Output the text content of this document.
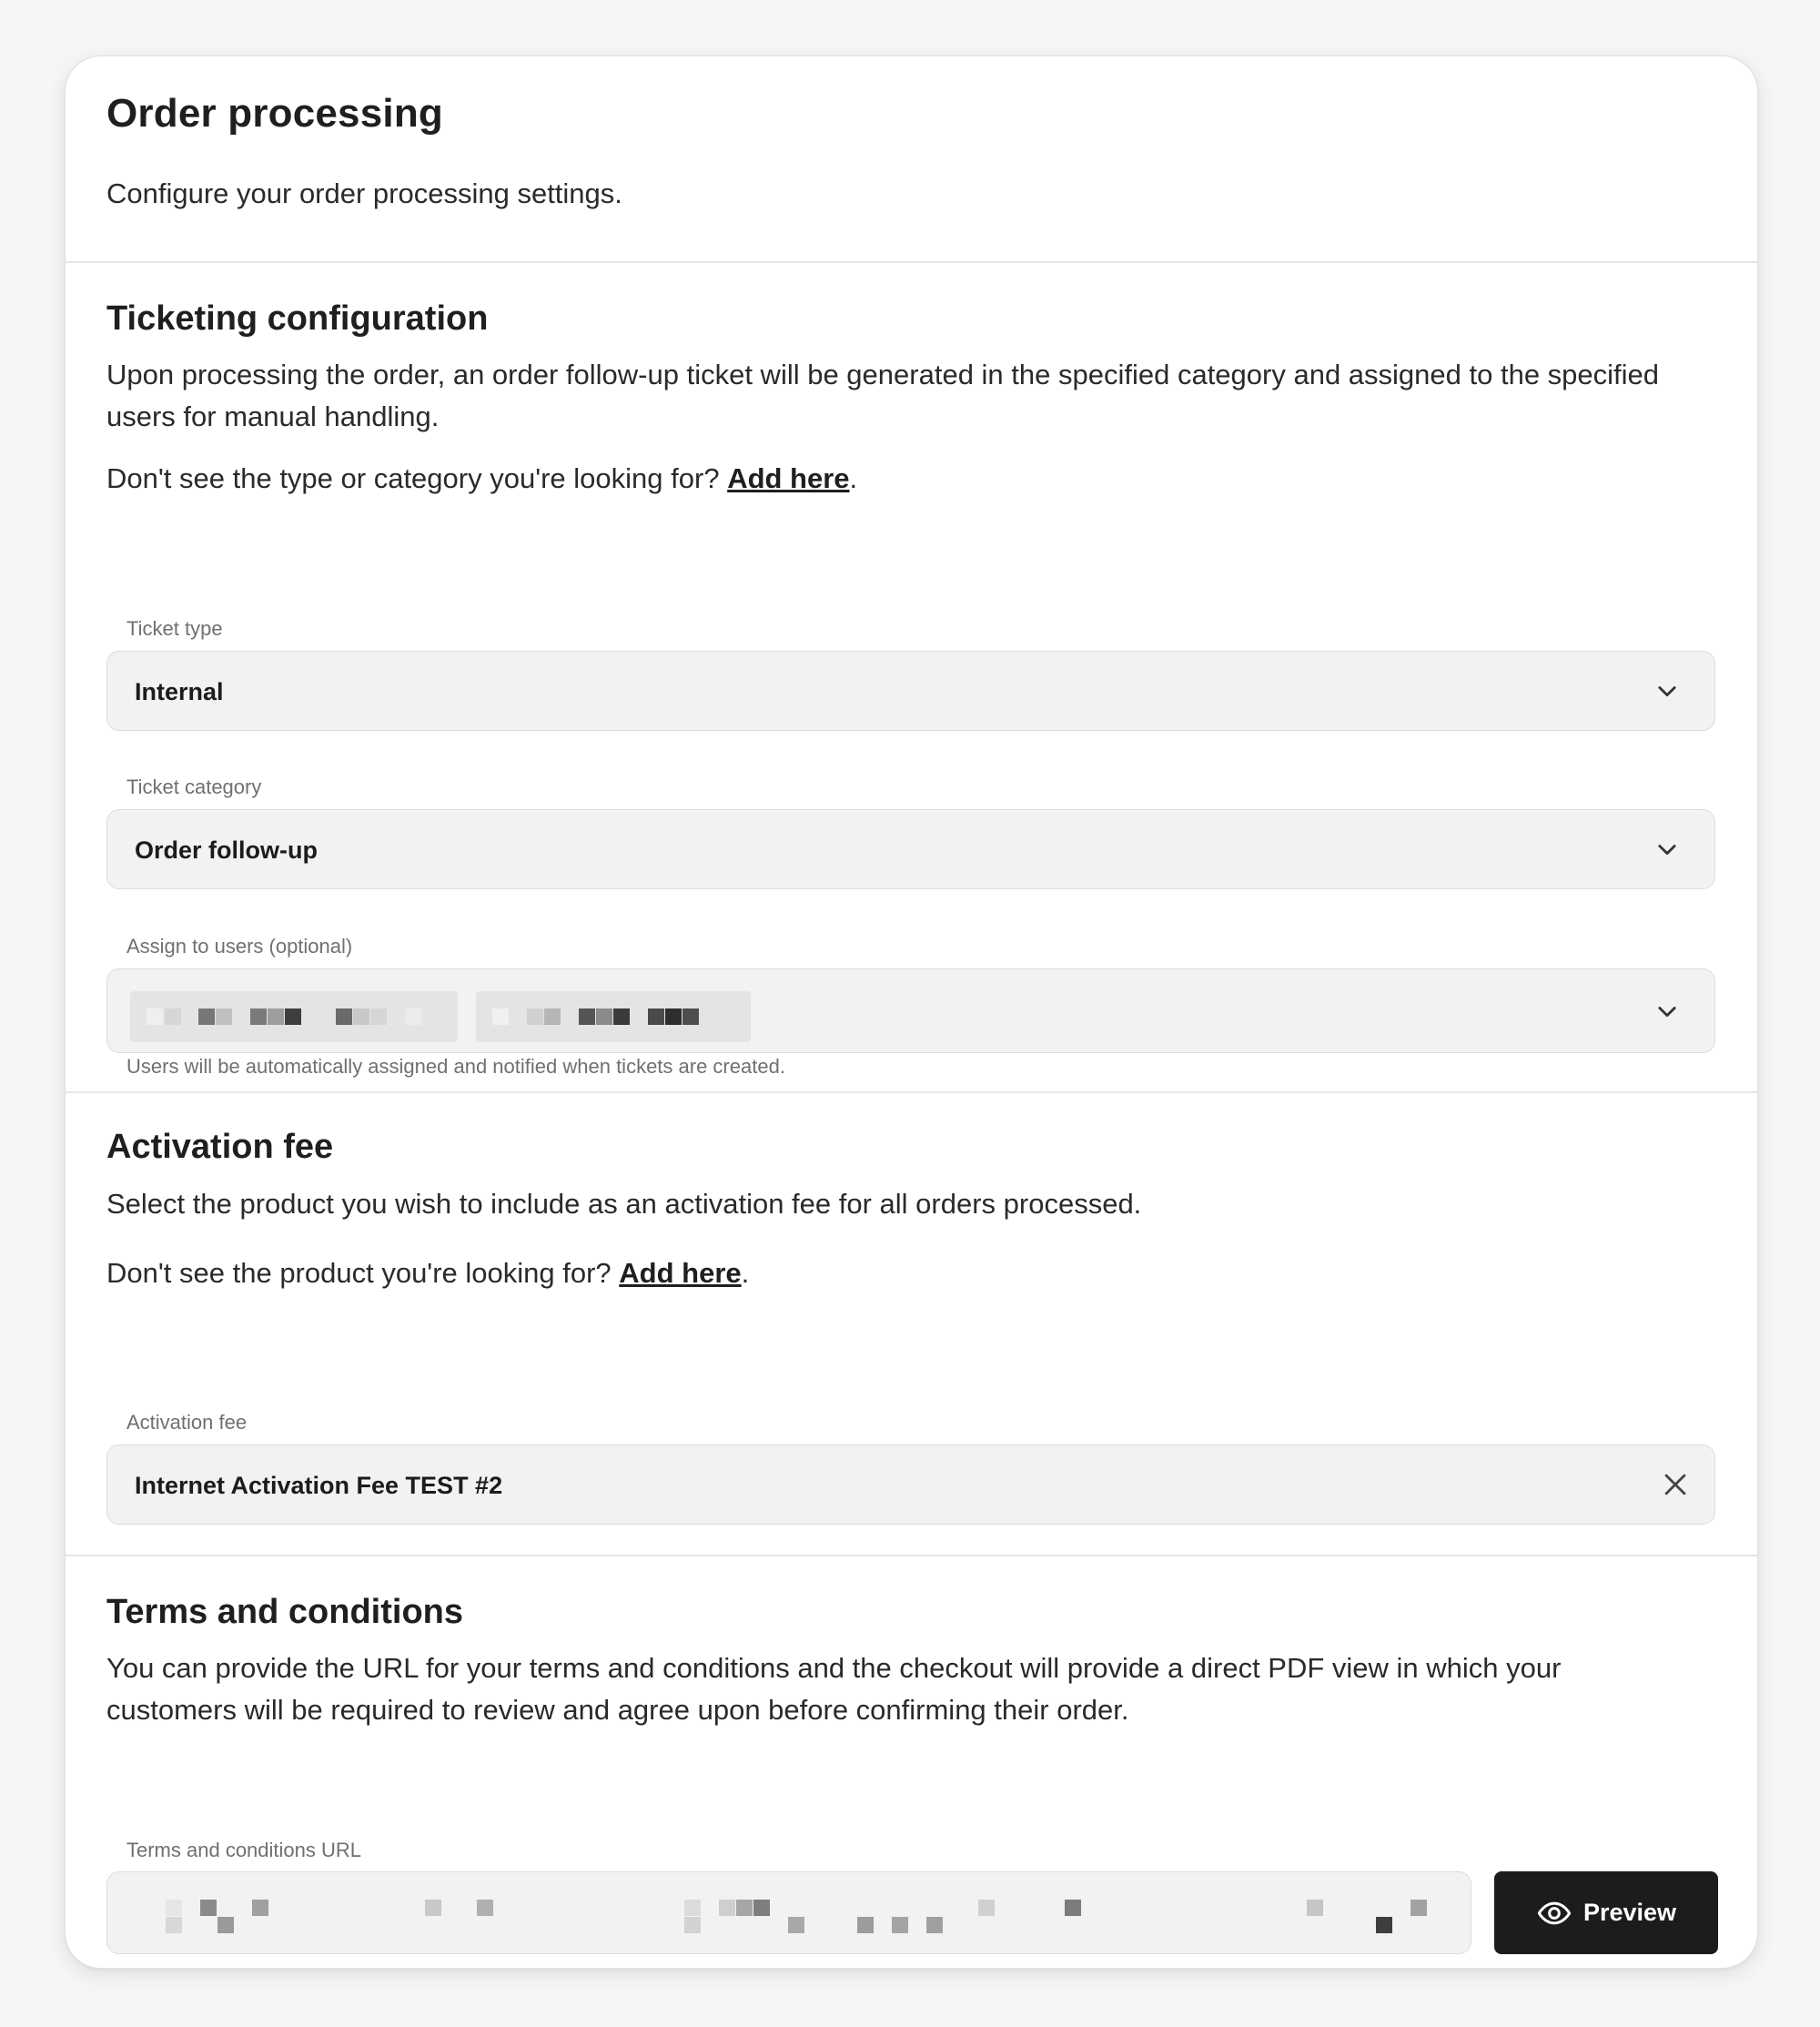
Order processing

Configure your order processing settings.

Ticketing configuration

Upon processing the order, an order follow-up ticket will be generated in the specified category and assigned to the specified users for manual handling.

Don't see the type or category you're looking for? Add here.

Ticket type
Internal
Ticket category
Order follow-up
Assign to users (optional)
Users will be automatically assigned and notified when tickets are created.
Activation fee

Select the product you wish to include as an activation fee for all orders processed.

Don't see the product you're looking for? Add here.

Activation fee
Internet Activation Fee TEST #2
Terms and conditions

You can provide the URL for your terms and conditions and the checkout will provide a direct PDF view in which your customers will be required to review and agree upon before confirming their order.

Terms and conditions URL
Preview
